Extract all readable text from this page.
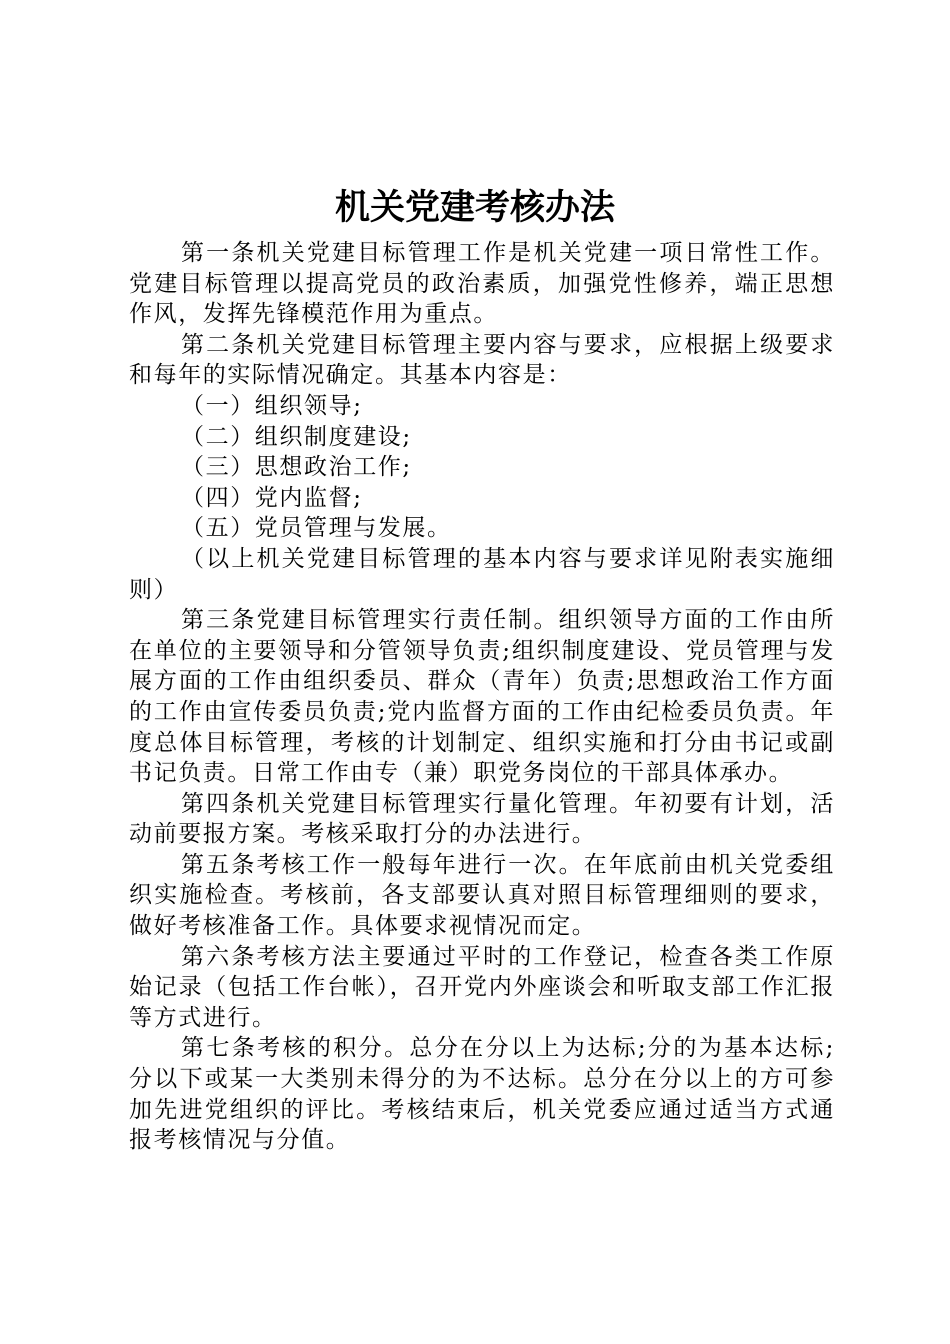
机关党建考核办法

第一条机关党建目标管理工作是机关党建一项日常性工作。党建目标管理以提高党员的政治素质，加强党性修养，端正思想作风，发挥先锋模范作用为重点。

第二条机关党建目标管理主要内容与要求，应根据上级要求和每年的实际情况确定。其基本内容是：

（一）组织领导;

（二）组织制度建设;

（三）思想政治工作;

（四）党内监督;

（五）党员管理与发展。

（以上机关党建目标管理的基本内容与要求详见附表实施细则）

第三条党建目标管理实行责任制。组织领导方面的工作由所在单位的主要领导和分管领导负责;组织制度建设、党员管理与发展方面的工作由组织委员、群众（青年）负责;思想政治工作方面的工作由宣传委员负责;党内监督方面的工作由纪检委员负责。年度总体目标管理，考核的计划制定、组织实施和打分由书记或副书记负责。日常工作由专（兼）职党务岗位的干部具体承办。

第四条机关党建目标管理实行量化管理。年初要有计划，活动前要报方案。考核采取打分的办法进行。

第五条考核工作一般每年进行一次。在年底前由机关党委组织实施检查。考核前，各支部要认真对照目标管理细则的要求，做好考核准备工作。具体要求视情况而定。

第六条考核方法主要通过平时的工作登记，检查各类工作原始记录（包括工作台帐），召开党内外座谈会和听取支部工作汇报等方式进行。

第七条考核的积分。总分在分以上为达标;分的为基本达标;分以下或某一大类别未得分的为不达标。总分在分以上的方可参加先进党组织的评比。考核结束后，机关党委应通过适当方式通报考核情况与分值。
